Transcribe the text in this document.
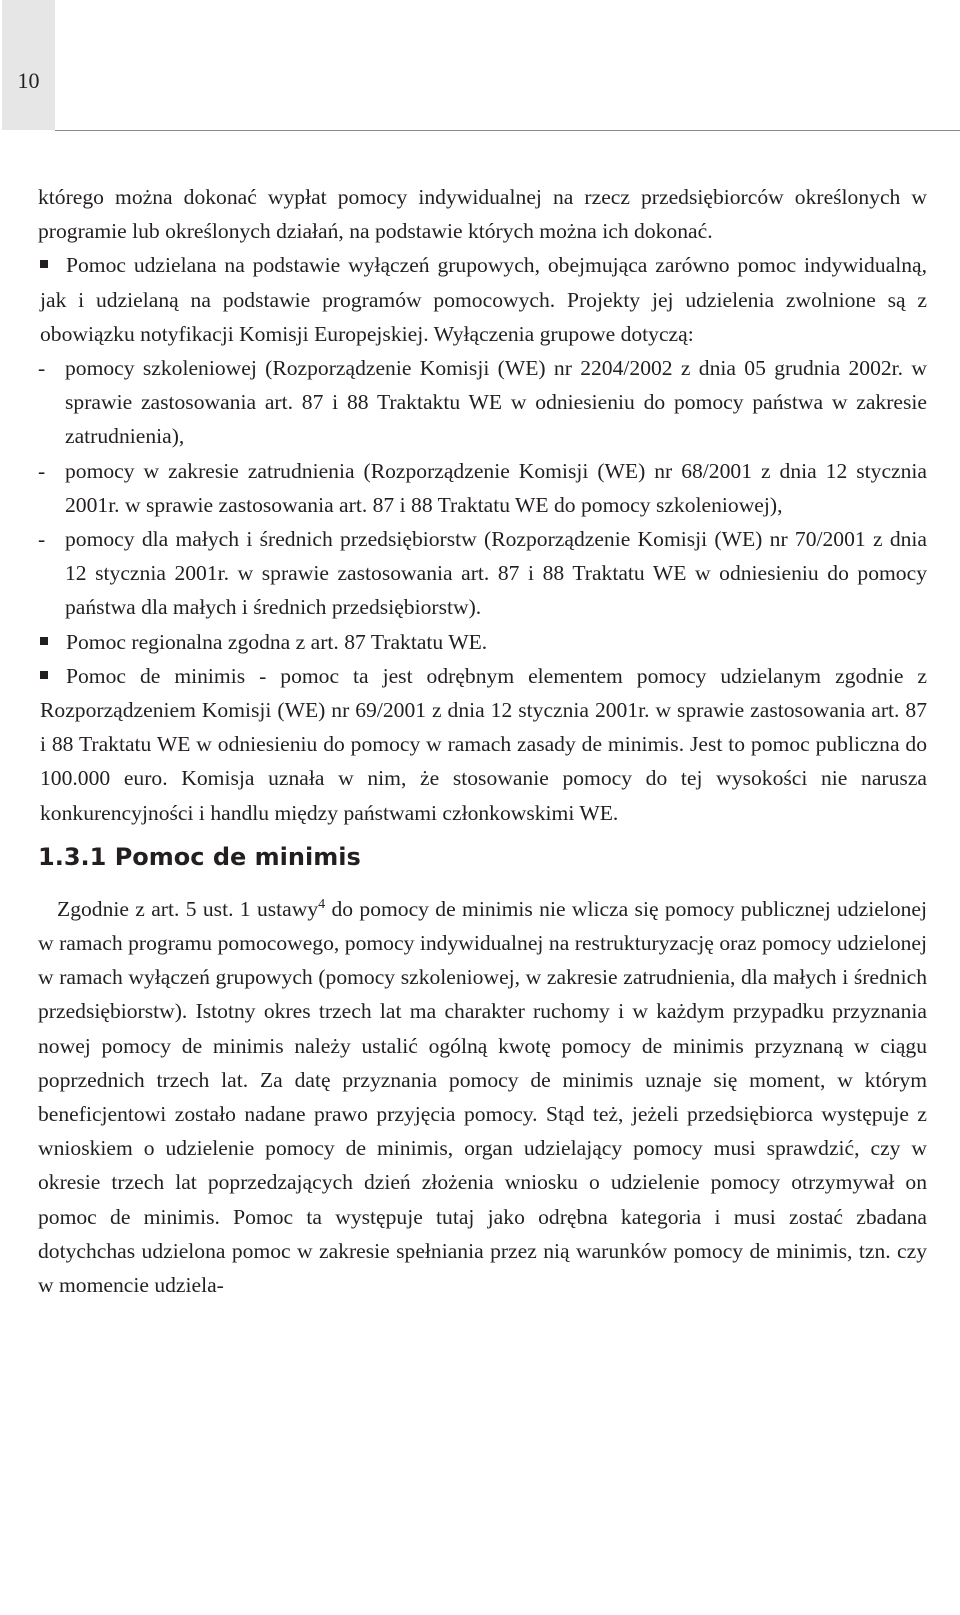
10

którego można dokonać wypłat pomocy indywidualnej na rzecz przedsiębiorców określonych w programie lub określonych działań, na podstawie których można ich dokonać.

Pomoc udzielana na podstawie wyłączeń grupowych, obejmująca zarówno pomoc indywidualną, jak i udzielaną na podstawie programów pomocowych. Projekty jej udzielenia zwolnione są z obowiązku notyfikacji Komisji Europejskiej. Wyłączenia grupowe dotyczą:

- pomocy szkoleniowej (Rozporządzenie Komisji (WE) nr 2204/2002 z dnia 05 grudnia 2002r. w sprawie zastosowania art. 87 i 88 Traktaktu WE w odniesieniu do pomocy państwa w zakresie zatrudnienia),
- pomocy w zakresie zatrudnienia (Rozporządzenie Komisji (WE) nr 68/2001 z dnia 12 stycznia 2001r. w sprawie zastosowania art. 87 i 88 Traktatu WE do pomocy szkoleniowej),
- pomocy dla małych i średnich przedsiębiorstw (Rozporządzenie Komisji (WE) nr 70/2001 z dnia 12 stycznia 2001r. w sprawie zastosowania art. 87 i 88 Traktatu WE w odniesieniu do pomocy państwa dla małych i średnich przedsiębiorstw).

Pomoc regionalna zgodna z art. 87 Traktatu WE.

Pomoc de minimis - pomoc ta jest odrębnym elementem pomocy udzielanym zgodnie z Rozporządzeniem Komisji (WE) nr 69/2001 z dnia 12 stycznia 2001r. w sprawie zastosowania art. 87 i 88 Traktatu WE w odniesieniu do pomocy w ramach zasady de minimis. Jest to pomoc publiczna do 100.000 euro. Komisja uznała w nim, że stosowanie pomocy do tej wysokości nie narusza konkurencyjności i handlu między państwami członkowskimi WE.

1.3.1 Pomoc de minimis

Zgodnie z art. 5 ust. 1 ustawy$^4$ do pomocy de minimis nie wlicza się pomocy publicznej udzielonej w ramach programu pomocowego, pomocy indywidualnej na restrukturyzację oraz pomocy udzielonej w ramach wyłączeń grupowych (pomocy szkoleniowej, w zakresie zatrudnienia, dla małych i średnich przedsiębiorstw). Istotny okres trzech lat ma charakter ruchomy i w każdym przypadku przyznania nowej pomocy de minimis należy ustalić ogólną kwotę pomocy de minimis przyznaną w ciągu poprzednich trzech lat. Za datę przyznania pomocy de minimis uznaje się moment, w którym beneficjentowi zostało nadane prawo przyjęcia pomocy. Stąd też, jeżeli przedsiębiorca występuje z wnioskiem o udzielenie pomocy de minimis, organ udzielający pomocy musi sprawdzić, czy w okresie trzech lat poprzedzających dzień złożenia wniosku o udzielenie pomocy otrzymywał on pomoc de minimis. Pomoc ta występuje tutaj jako odrębna kategoria i musi zostać zbadana dotychchas udzielona pomoc w zakresie spełniania przez nią warunków pomocy de minimis, tzn. czy w momencie udziela-
